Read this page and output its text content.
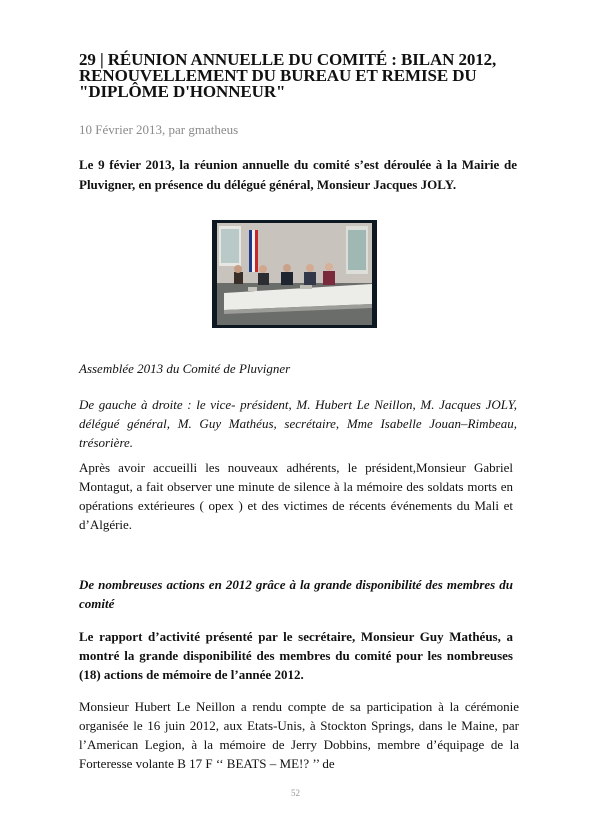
29 | RÉUNION ANNUELLE DU COMITÉ : BILAN 2012, RENOUVELLEMENT DU BUREAU ET REMISE DU "DIPLÔME D'HONNEUR"
10 Février 2013, par gmatheus
Le 9 févier 2013, la réunion annuelle du comité s’est déroulée à la Mairie de Pluvigner, en présence du délégué général, Monsieur Jacques JOLY.
Assemblée 2013 du Comité de Pluvigner
De gauche à droite : le vice- président, M. Hubert Le Neillon, M. Jacques JOLY, délégué général, M. Guy Mathéus, secrétaire, Mme Isabelle Jouan–Rimbeau, trésorière.
Après avoir accueilli les nouveaux adhérents, le président,Monsieur Gabriel Montagut, a fait observer une minute de silence à la mémoire des soldats morts en opérations extérieures ( opex ) et des victimes de récents événements du Mali et d’Algérie.
De nombreuses actions en 2012 grâce à la grande disponibilité des membres du comité
Le rapport d’activité présenté par le secrétaire, Monsieur Guy Mathéus, a montré la grande disponibilité des membres du comité pour les nombreuses (18) actions de mémoire de l’année 2012.
Monsieur Hubert Le Neillon a rendu compte de sa participation à la cérémonie organisée le 16 juin 2012, aux Etats-Unis, à Stockton Springs, dans le Maine, par l’American Legion, à la mémoire de Jerry Dobbins, membre d’équipage de la Forteresse volante B 17 F ‘‘ BEATS – ME!? ’’ de
52
